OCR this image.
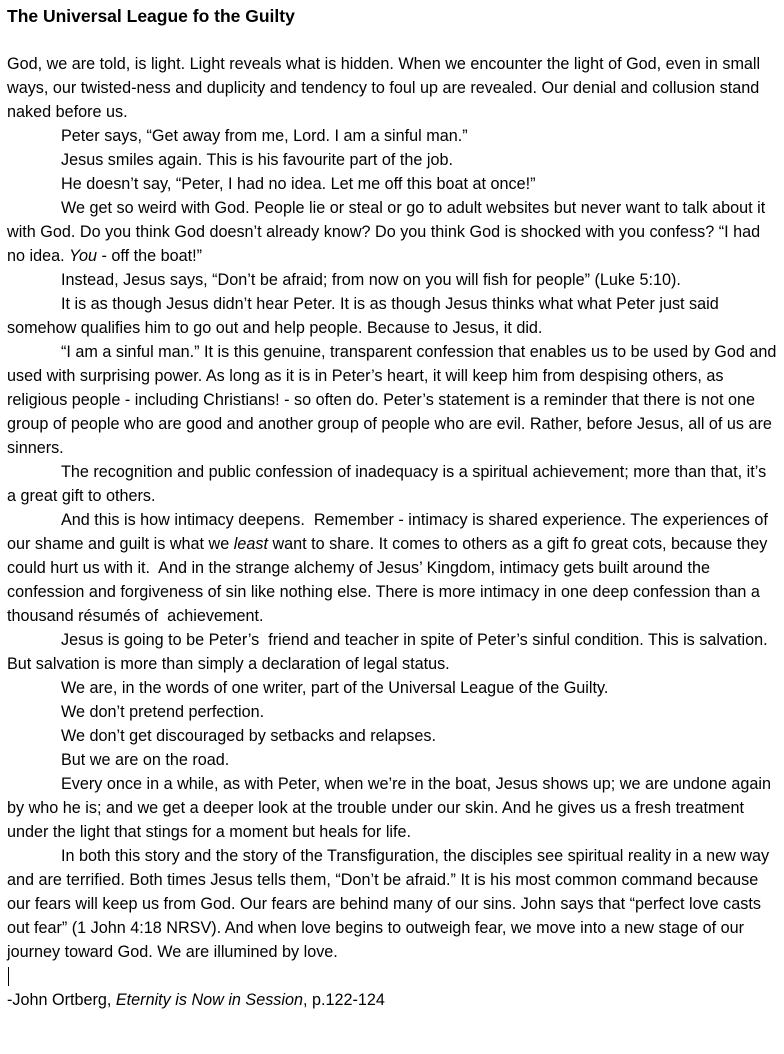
The Universal League fo the Guilty

God, we are told, is light. Light reveals what is hidden. When we encounter the light of God, even in small ways, our twisted-ness and duplicity and tendency to foul up are revealed. Our denial and collusion stand naked before us.

Peter says, “Get away from me, Lord. I am a sinful man.”

Jesus smiles again. This is his favourite part of the job.

He doesn’t say, “Peter, I had no idea. Let me off this boat at once!”

We get so weird with God. People lie or steal or go to adult websites but never want to talk about it with God. Do you think God doesn’t already know? Do you think God is shocked with you confess? “I had no idea. You - off the boat!”

Instead, Jesus says, “Don’t be afraid; from now on you will fish for people” (Luke 5:10).

It is as though Jesus didn’t hear Peter. It is as though Jesus thinks what what Peter just said  somehow qualifies him to go out and help people. Because to Jesus, it did.

“I am a sinful man.” It is this genuine, transparent confession that enables us to be used by God and used with surprising power. As long as it is in Peter’s heart, it will keep him from despising others, as religious people - including Christians! - so often do. Peter’s statement is a reminder that there is not one group of people who are good and another group of people who are evil. Rather, before Jesus, all of us are sinners.

The recognition and public confession of inadequacy is a spiritual achievement; more than that, it’s a great gift to others.

And this is how intimacy deepens.  Remember - intimacy is shared experience. The experiences of our shame and guilt is what we least want to share. It comes to others as a gift fo great cots, because they could hurt us with it.  And in the strange alchemy of Jesus’ Kingdom, intimacy gets built around the confession and forgiveness of sin like nothing else. There is more intimacy in one deep confession than a thousand résumés of  achievement.

Jesus is going to be Peter’s  friend and teacher in spite of Peter’s sinful condition. This is salvation. But salvation is more than simply a declaration of legal status.

We are, in the words of one writer, part of the Universal League of the Guilty.

We don’t pretend perfection.

We don’t get discouraged by setbacks and relapses.

But we are on the road.

Every once in a while, as with Peter, when we’re in the boat, Jesus shows up; we are undone again by who he is; and we get a deeper look at the trouble under our skin. And he gives us a fresh treatment under the light that stings for a moment but heals for life.

In both this story and the story of the Transfiguration, the disciples see spiritual reality in a new way and are terrified. Both times Jesus tells them, “Don’t be afraid.” It is his most common command because our fears will keep us from God. Our fears are behind many of our sins. John says that “perfect love casts out fear” (1 John 4:18 NRSV). And when love begins to outweigh fear, we move into a new stage of our journey toward God. We are illumined by love.

-John Ortberg, Eternity is Now in Session, p.122-124
